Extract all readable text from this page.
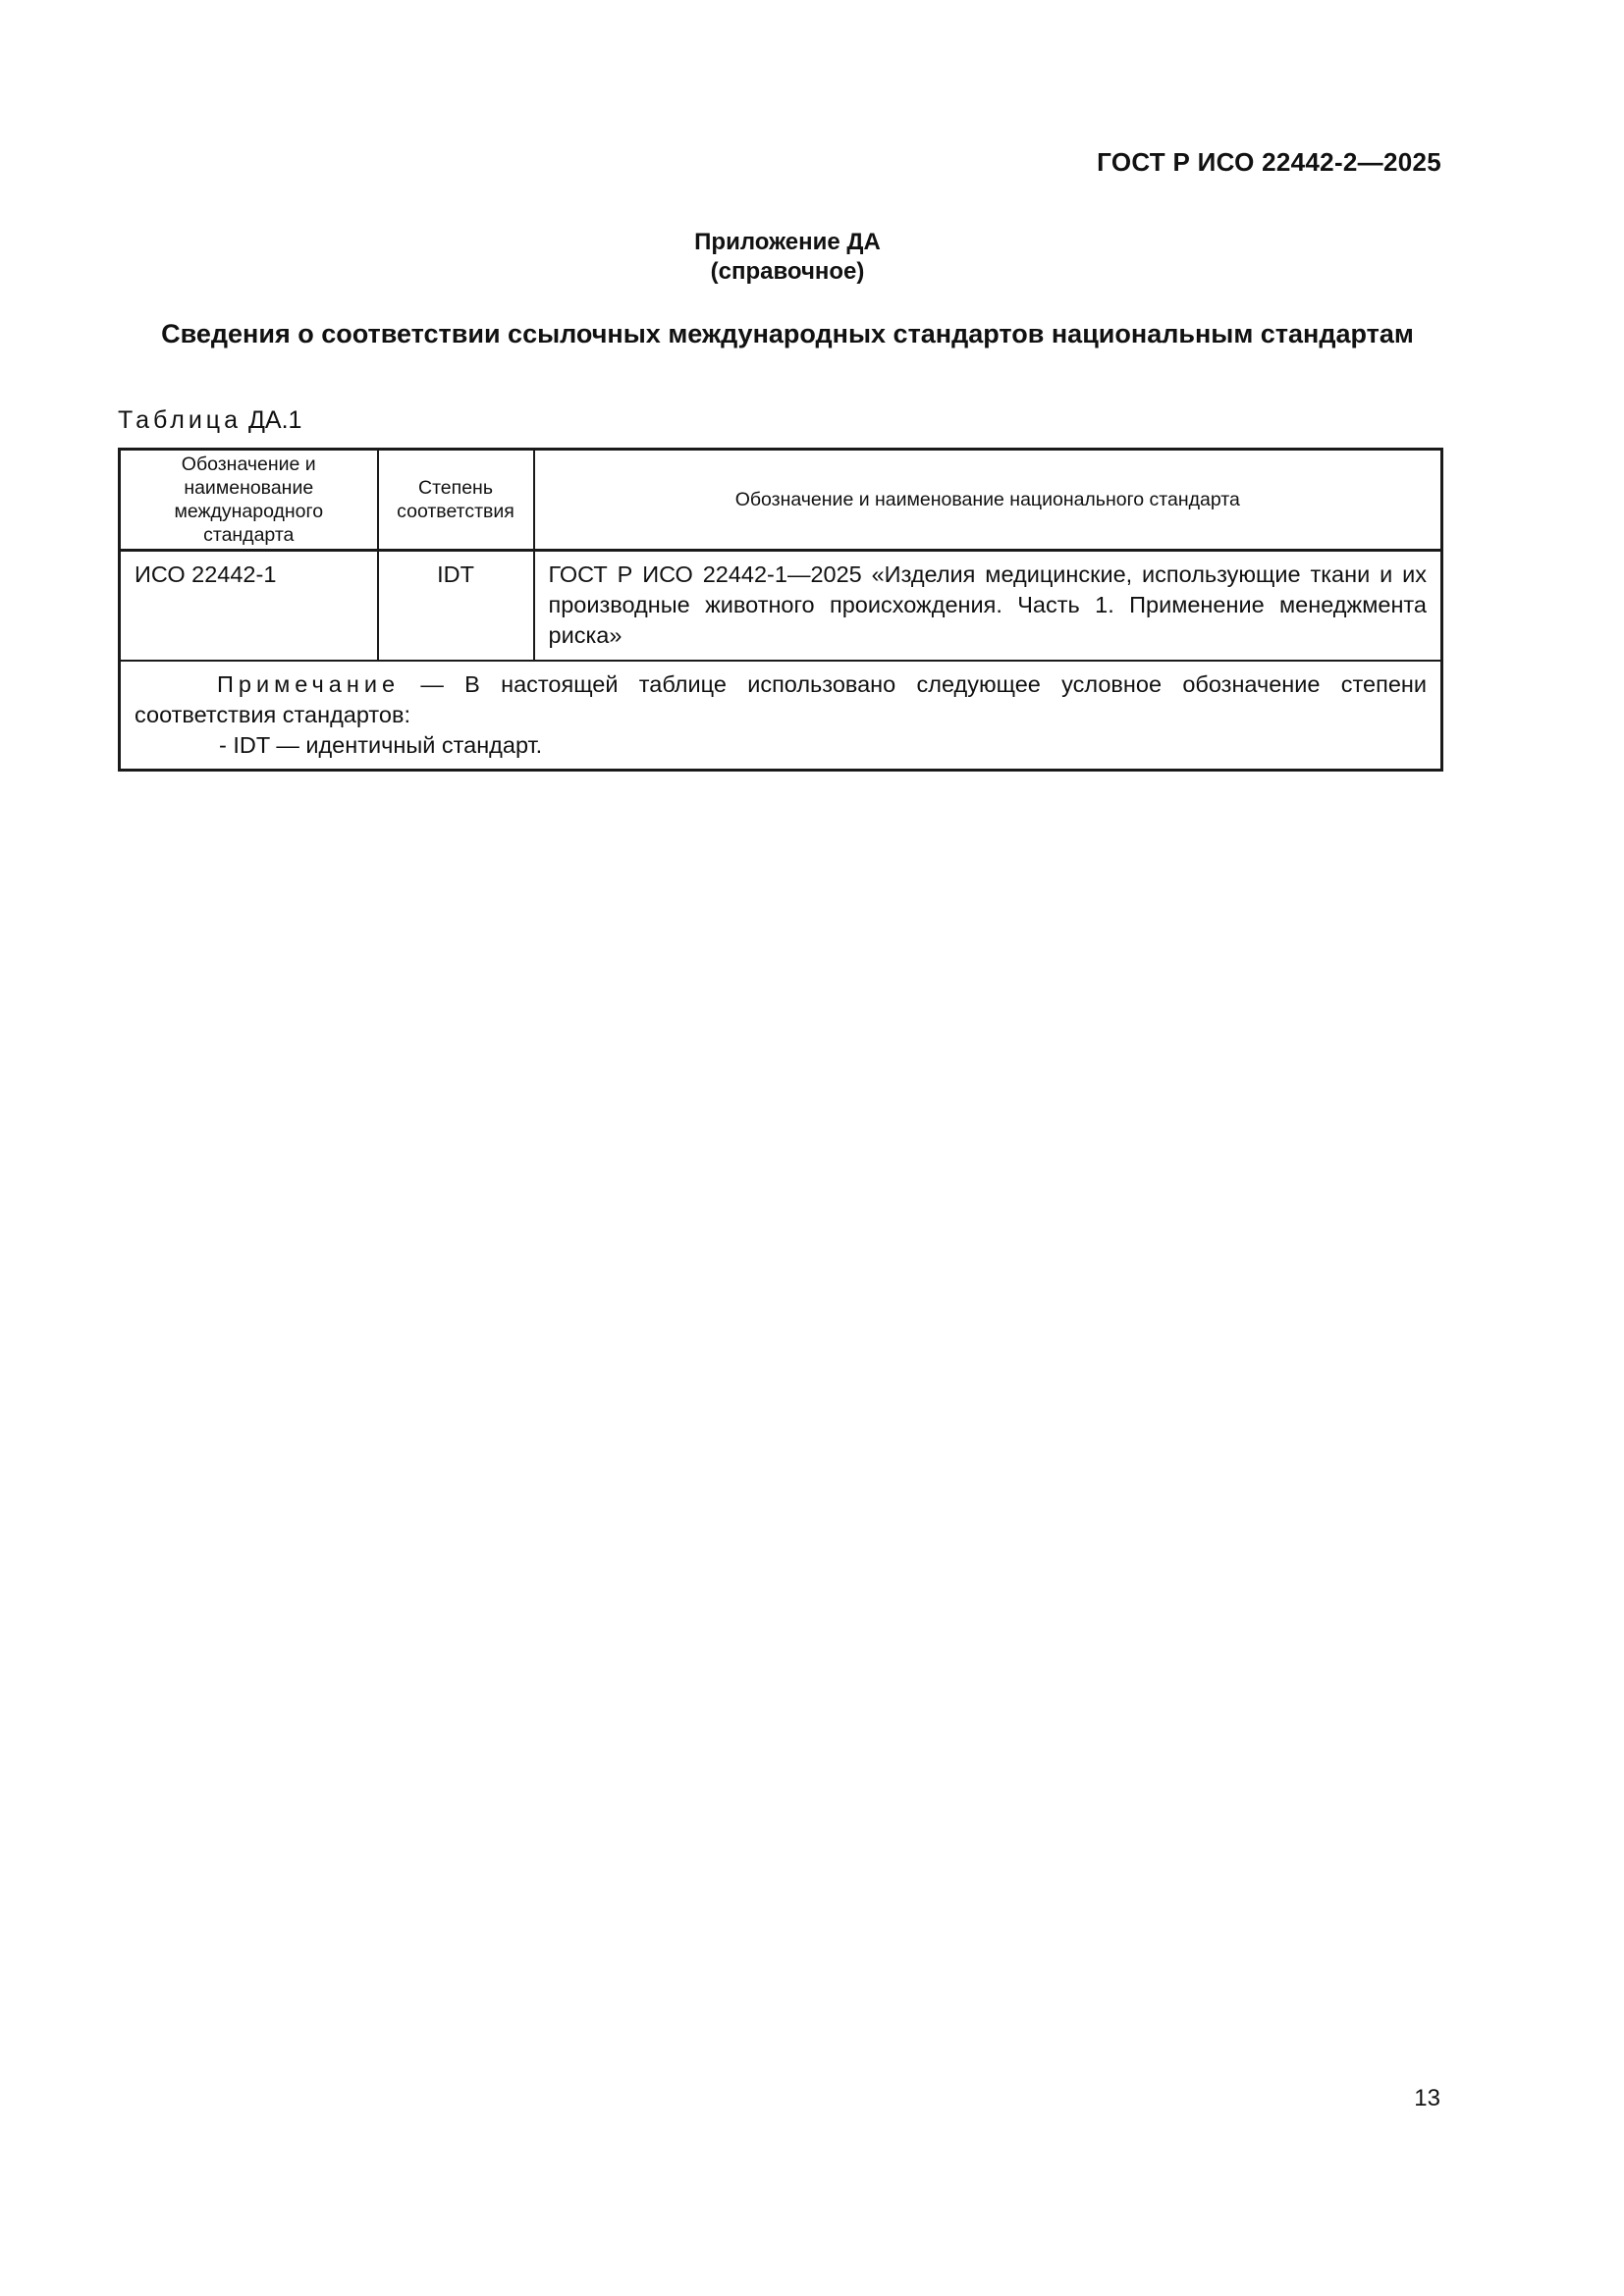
ГОСТ Р ИСО 22442-2—2025
Приложение ДА
(справочное)
Сведения о соответствии ссылочных международных стандартов национальным стандартам
Таблица ДА.1
Обозначение и наименование международного стандарта	Степень соответствия	Обозначение и наименование национального стандарта
ИСО 22442-1	IDT	ГОСТ Р ИСО 22442-1—2025 «Изделия медицинские, использующие ткани и их производные животного происхождения. Часть 1. Применение менеджмента риска»

Примечание — В настоящей таблице использовано следующее условное обозначение степени соответствия стандартов:

- IDT — идентичный стандарт.		

13
